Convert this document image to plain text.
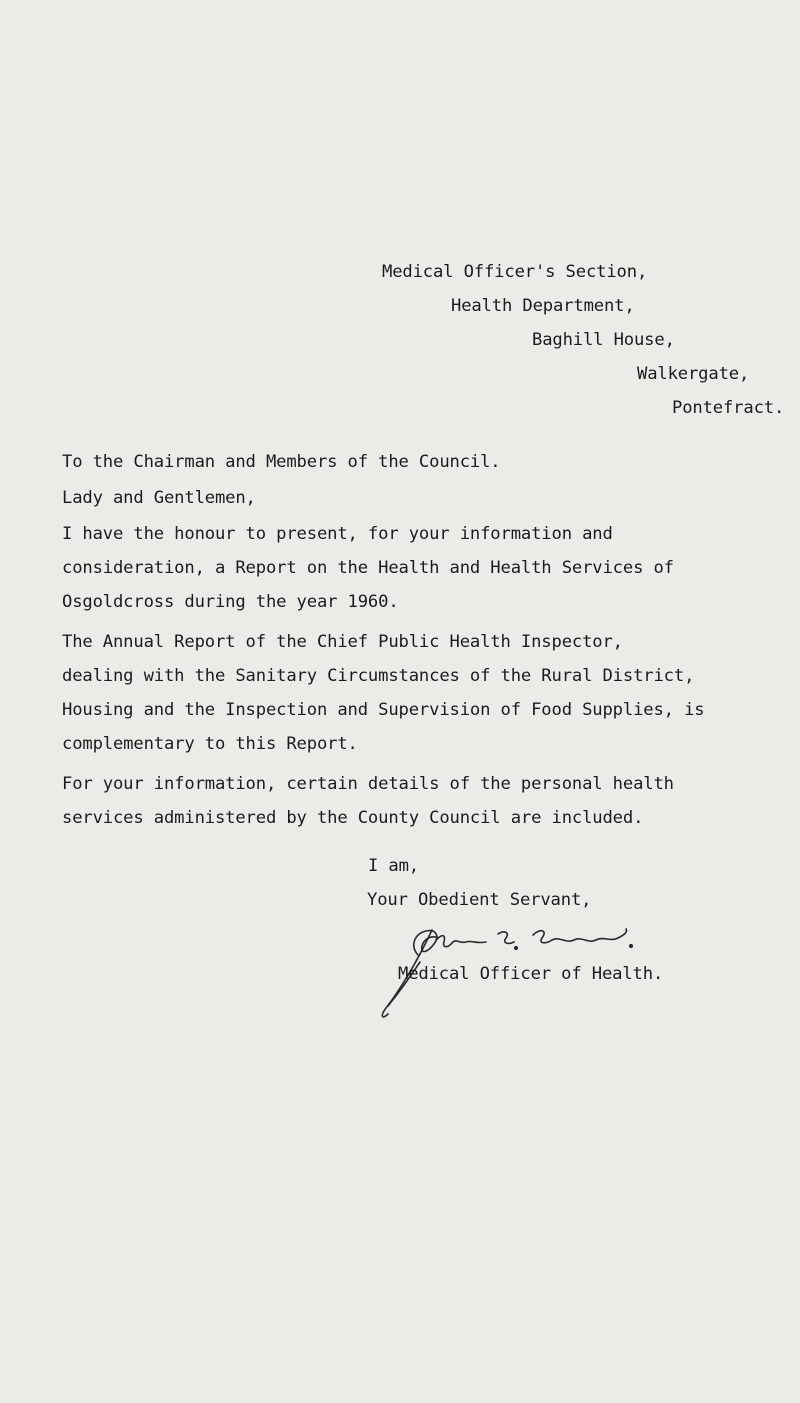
Medical Officer's Section,
Health Department,
Baghill House,
Walkergate,
Pontefract.
To the Chairman and Members of the Council.
Lady and Gentlemen,
I have the honour to present, for your information and
consideration, a Report on the Health and Health Services of
Osgoldcross during the year 1960.
The Annual Report of the Chief Public Health Inspector,
dealing with the Sanitary Circumstances of the Rural District,
Housing and the Inspection and Supervision of Food Supplies, is
complementary to this Report.
For your information, certain details of the personal health
services administered by the County Council are included.
I am,
Your Obedient Servant,
Medical Officer of Health.
